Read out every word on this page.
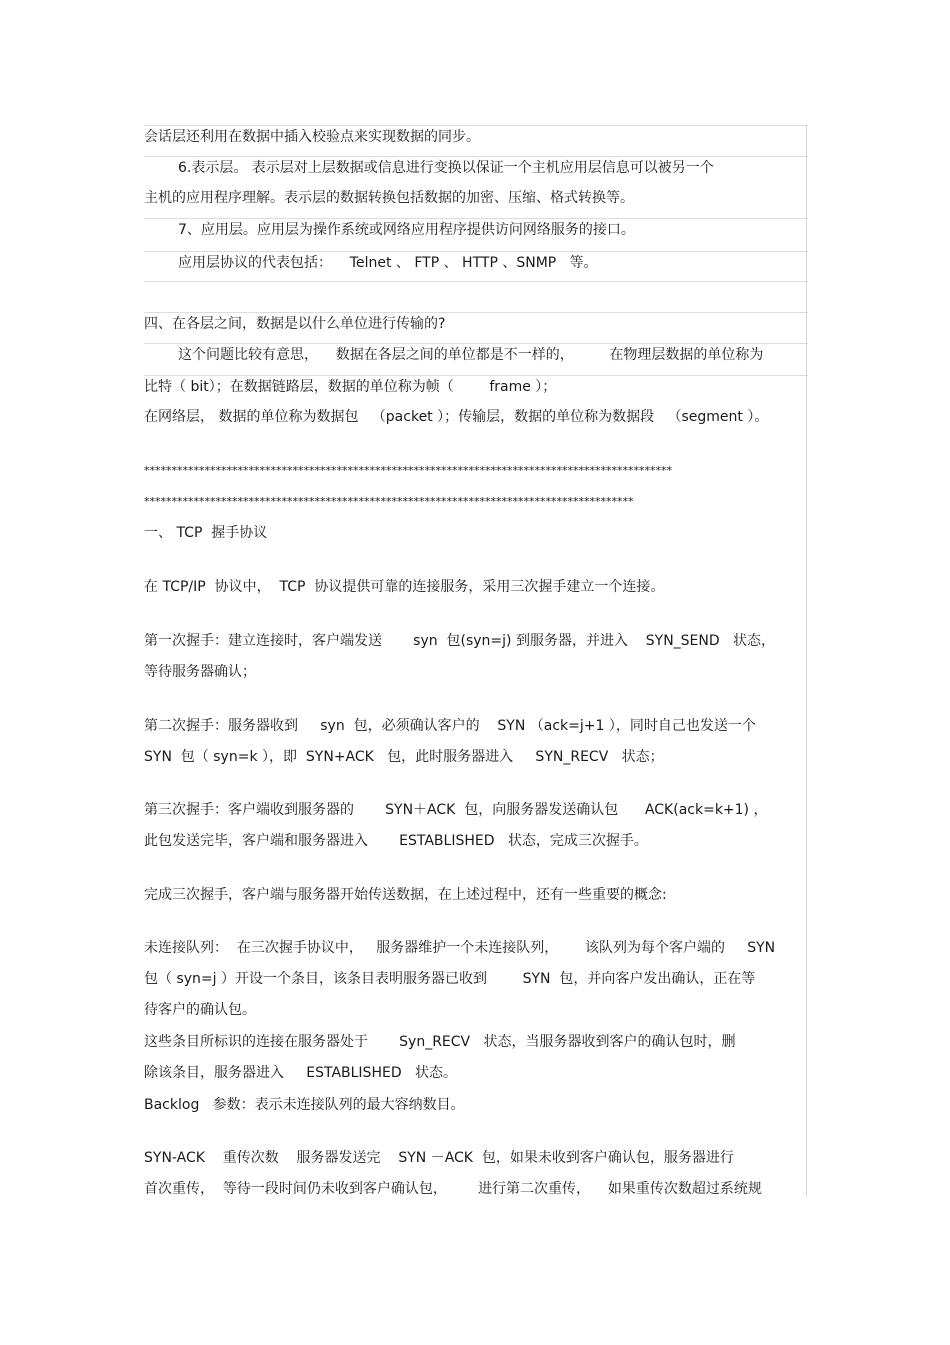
会话层还利用在数据中插入校验点来实现数据的同步。
6.表示层。 表示层对上层数据或信息进行变换以保证一个主机应用层信息可以被另一个
主机的应用程序理解。表示层的数据转换包括数据的加密、压缩、格式转换等。
7、应用层。应用层为操作系统或网络应用程序提供访问网络服务的接口。
应用层协议的代表包括：    Telnet 、 FTP 、 HTTP 、SNMP   等。
四、在各层之间，数据是以什么单位进行传输的?
这个问题比较有意思，    数据在各层之间的单位都是不一样的，        在物理层数据的单位称为
比特（ bit）；在数据链路层，数据的单位称为帧（        frame ）；
在网络层， 数据的单位称为数据包   （packet ）；传输层，数据的单位称为数据段   （segment ）。
************************************************************************************************
*****************************************************************************************
一、 TCP  握手协议
在 TCP/IP  协议中，  TCP  协议提供可靠的连接服务，采用三次握手建立一个连接。
第一次握手：建立连接时，客户端发送       syn  包(syn=j) 到服务器，并进入    SYN_SEND   状态，
等待服务器确认；
第二次握手：服务器收到     syn  包，必须确认客户的    SYN （ack=j+1 ），同时自己也发送一个
SYN  包（ syn=k ），即  SYN+ACK   包，此时服务器进入     SYN_RECV   状态；
第三次握手：客户端收到服务器的       SYN＋ACK  包，向服务器发送确认包      ACK(ack=k+1) ，
此包发送完毕，客户端和服务器进入       ESTABLISHED   状态，完成三次握手。
完成三次握手，客户端与服务器开始传送数据，在上述过程中，还有一些重要的概念:
未连接队列：  在三次握手协议中，   服务器维护一个未连接队列，      该队列为每个客户端的     SYN
包（ syn=j ）开设一个条目，该条目表明服务器已收到        SYN  包，并向客户发出确认，正在等
待客户的确认包。
这些条目所标识的连接在服务器处于       Syn_RECV   状态，当服务器收到客户的确认包时，删
除该条目，服务器进入     ESTABLISHED   状态。
Backlog   参数：表示未连接队列的最大容纳数目。
SYN-ACK    重传次数    服务器发送完    SYN －ACK  包，如果未收到客户确认包，服务器进行
首次重传，  等待一段时间仍未收到客户确认包，       进行第二次重传，    如果重传次数超过系统规
